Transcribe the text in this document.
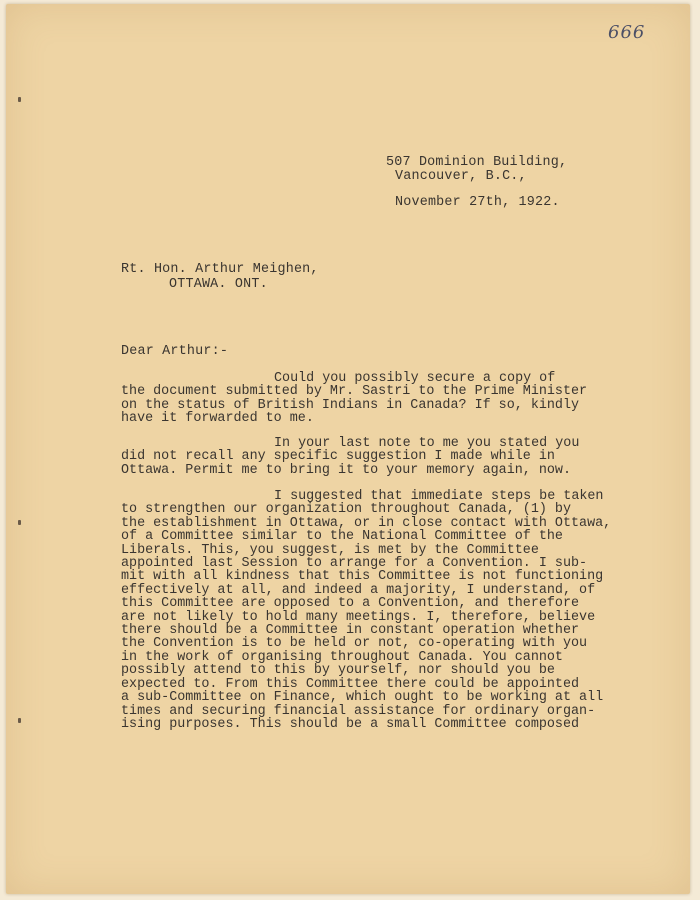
666
507 Dominion Building,
Vancouver, B.C.,
November 27th, 1922.
Rt. Hon. Arthur Meighen,
OTTAWA. ONT.
Dear Arthur:-
Could you possibly secure a copy of
the document submitted by Mr. Sastri to the Prime Minister
on the status of British Indians in Canada? If so, kindly
have it forwarded to me.
In your last note to me you stated you
did not recall any specific suggestion I made while in
Ottawa. Permit me to bring it to your memory again, now.
I suggested that immediate steps be taken
to strengthen our organization throughout Canada, (1) by
the establishment in Ottawa, or in close contact with Ottawa,
of a Committee similar to the National Committee of the
Liberals. This, you suggest, is met by the Committee
appointed last Session to arrange for a Convention. I sub-
mit with all kindness that this Committee is not functioning
effectively at all, and indeed a majority, I understand, of
this Committee are opposed to a Convention, and therefore
are not likely to hold many meetings. I, therefore, believe
there should be a Committee in constant operation whether
the Convention is to be held or not, co-operating with you
in the work of organising throughout Canada. You cannot
possibly attend to this by yourself, nor should you be
expected to. From this Committee there could be appointed
a sub-Committee on Finance, which ought to be working at all
times and securing financial assistance for ordinary organ-
ising purposes. This should be a small Committee composed
